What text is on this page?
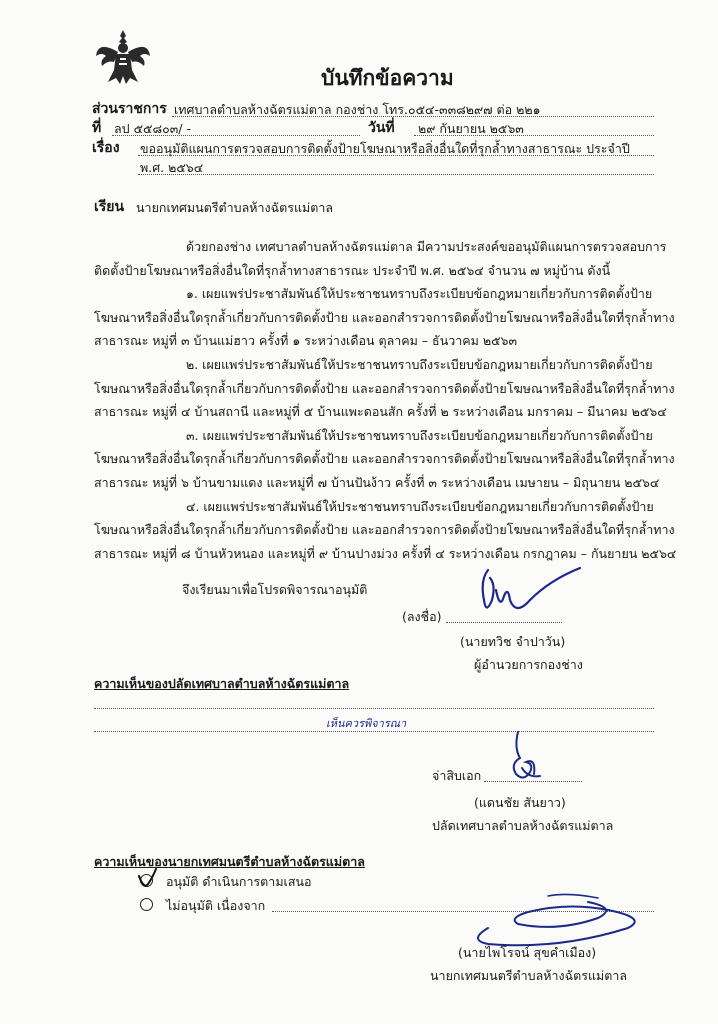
บันทึกข้อความ
ส่วนราชการ เทศบาลตำบลห้างฉัตรแม่ตาล กองช่าง โทร.๐๕๔-๓๓๘๒๙๗ ต่อ ๒๒๑
ที่ ลป ๕๕๘๐๓/ -	วันที่ ๒๙ กันยายน ๒๕๖๓
เรื่อง ขออนุมัติแผนการตรวจสอบการติดตั้งป้ายโฆษณาหรือสิ่งอื่นใดที่รุกล้ำทางสาธารณะ ประจำปี
พ.ศ. ๒๕๖๔
เรียน นายกเทศมนตรีตำบลห้างฉัตรแม่ตาล
ด้วยกองช่าง เทศบาลตำบลห้างฉัตรแม่ตาล มีความประสงค์ขออนุมัติแผนการตรวจสอบการ
ติดตั้งป้ายโฆษณาหรือสิ่งอื่นใดที่รุกล้ำทางสาธารณะ ประจำปี พ.ศ. ๒๕๖๔ จำนวน ๗ หมู่บ้าน ดังนี้
๑. เผยแพร่ประชาสัมพันธ์ให้ประชาชนทราบถึงระเบียบข้อกฎหมายเกี่ยวกับการติดตั้งป้าย
โฆษณาหรือสิ่งอื่นใดรุกล้ำเกี่ยวกับการติดตั้งป้าย และออกสำรวจการติดตั้งป้ายโฆษณาหรือสิ่งอื่นใดที่รุกล้ำทาง
สาธารณะ หมู่ที่ ๓ บ้านแม่ฮาว ครั้งที่ ๑ ระหว่างเดือน ตุลาคม – ธันวาคม ๒๕๖๓
๒. เผยแพร่ประชาสัมพันธ์ให้ประชาชนทราบถึงระเบียบข้อกฎหมายเกี่ยวกับการติดตั้งป้าย
โฆษณาหรือสิ่งอื่นใดรุกล้ำเกี่ยวกับการติดตั้งป้าย และออกสำรวจการติดตั้งป้ายโฆษณาหรือสิ่งอื่นใดที่รุกล้ำทาง
สาธารณะ หมู่ที่ ๔ บ้านสถานี และหมู่ที่ ๕ บ้านแพะดอนสัก ครั้งที่ ๒ ระหว่างเดือน มกราคม – มีนาคม ๒๕๖๔
๓. เผยแพร่ประชาสัมพันธ์ให้ประชาชนทราบถึงระเบียบข้อกฎหมายเกี่ยวกับการติดตั้งป้าย
โฆษณาหรือสิ่งอื่นใดรุกล้ำเกี่ยวกับการติดตั้งป้าย และออกสำรวจการติดตั้งป้ายโฆษณาหรือสิ่งอื่นใดที่รุกล้ำทาง
สาธารณะ หมู่ที่ ๖ บ้านขามแดง และหมู่ที่ ๗ บ้านปันง้าว ครั้งที่ ๓ ระหว่างเดือน เมษายน – มิถุนายน ๒๕๖๔
๔. เผยแพร่ประชาสัมพันธ์ให้ประชาชนทราบถึงระเบียบข้อกฎหมายเกี่ยวกับการติดตั้งป้าย
โฆษณาหรือสิ่งอื่นใดรุกล้ำเกี่ยวกับการติดตั้งป้าย และออกสำรวจการติดตั้งป้ายโฆษณาหรือสิ่งอื่นใดที่รุกล้ำทาง
สาธารณะ หมู่ที่ ๘ บ้านหัวหนอง และหมู่ที่ ๙ บ้านปางม่วง ครั้งที่ ๔ ระหว่างเดือน กรกฎาคม – กันยายน ๒๕๖๔
จึงเรียนมาเพื่อโปรดพิจารณาอนุมัติ
(ลงชื่อ)
(นายทวิช จำปาวัน)
ผู้อำนวยการกองช่าง
ความเห็นของปลัดเทศบาลตำบลห้างฉัตรแม่ตาล
เห็นควรพิจารณา
จ่าสิบเอก
(แดนชัย สันยาว)
ปลัดเทศบาลตำบลห้างฉัตรแม่ตาล
ความเห็นของนายกเทศมนตรีตำบลห้างฉัตรแม่ตาล
อนุมัติ ดำเนินการตามเสนอ
ไม่อนุมัติ เนื่องจาก
(นายไพโรจน์ สุขคำเมือง)
นายกเทศมนตรีตำบลห้างฉัตรแม่ตาล
